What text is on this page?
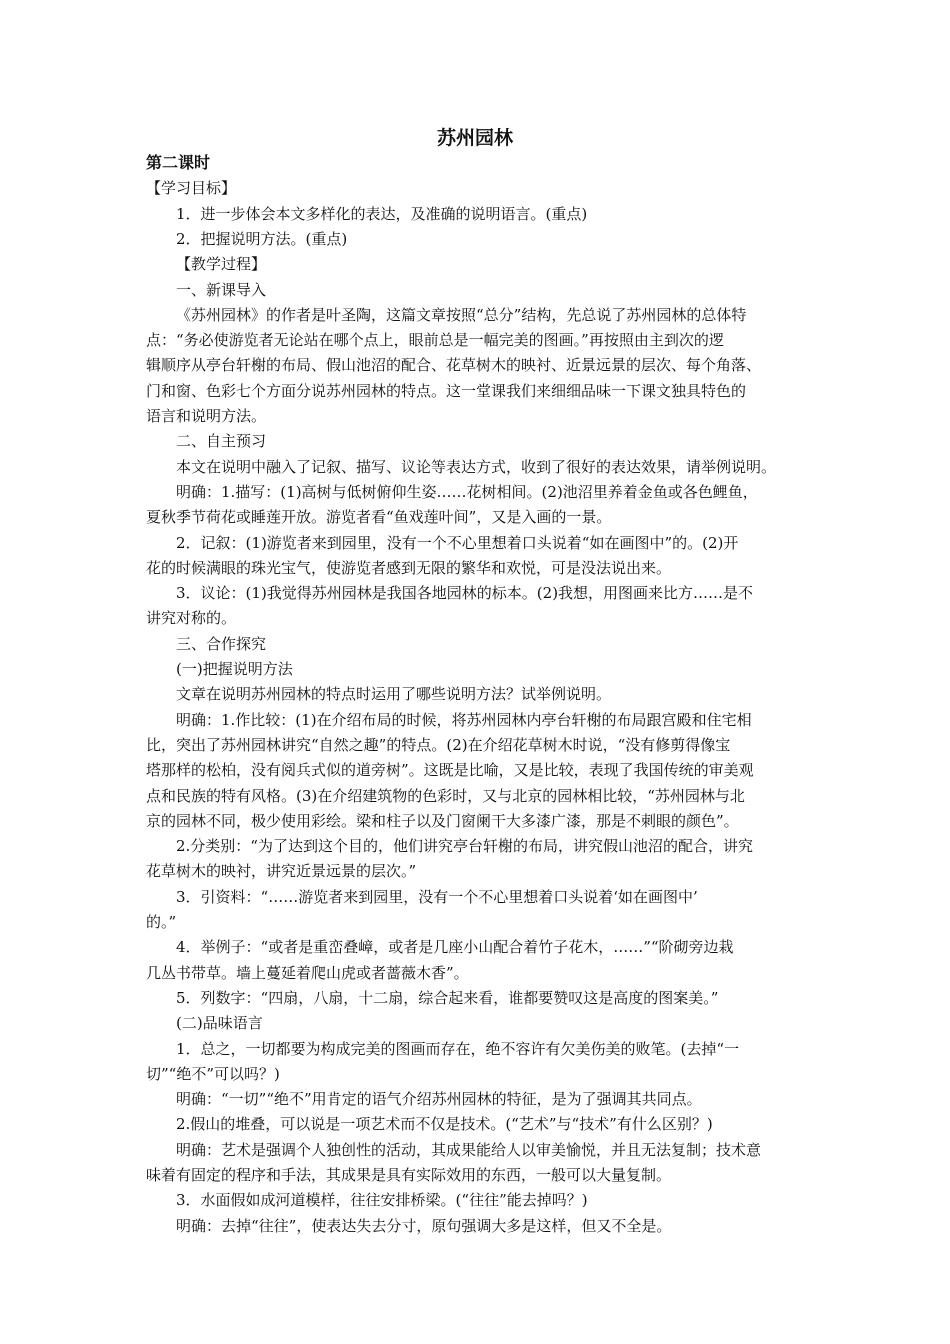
苏州园林
第二课时
【学习目标】
1．进一步体会本文多样化的表达，及准确的说明语言。(重点)
2．把握说明方法。(重点)
【教学过程】
一、新课导入
《苏州园林》的作者是叶圣陶，这篇文章按照“总分”结构，先总说了苏州园林的总体特
点：“务必使游览者无论站在哪个点上，眼前总是一幅完美的图画。”再按照由主到次的逻
辑顺序从亭台轩榭的布局、假山池沼的配合、花草树木的映衬、近景远景的层次、每个角落、
门和窗、色彩七个方面分说苏州园林的特点。这一堂课我们来细细品味一下课文独具特色的
语言和说明方法。
二、自主预习
本文在说明中融入了记叙、描写、议论等表达方式，收到了很好的表达效果，请举例说明。
明确：1.描写：(1)高树与低树俯仰生姿……花树相间。(2)池沼里养着金鱼或各色鲤鱼，
夏秋季节荷花或睡莲开放。游览者看“鱼戏莲叶间”，又是入画的一景。
2．记叙：(1)游览者来到园里，没有一个不心里想着口头说着“如在画图中”的。(2)开
花的时候满眼的珠光宝气，使游览者感到无限的繁华和欢悦，可是没法说出来。
3．议论：(1)我觉得苏州园林是我国各地园林的标本。(2)我想，用图画来比方……是不
讲究对称的。
三、合作探究
(一)把握说明方法
文章在说明苏州园林的特点时运用了哪些说明方法？试举例说明。
明确：1.作比较：(1)在介绍布局的时候，将苏州园林内亭台轩榭的布局跟宫殿和住宅相
比，突出了苏州园林讲究“自然之趣”的特点。(2)在介绍花草树木时说，“没有修剪得像宝
塔那样的松柏，没有阅兵式似的道旁树”。这既是比喻，又是比较，表现了我国传统的审美观
点和民族的特有风格。(3)在介绍建筑物的色彩时，又与北京的园林相比较，“苏州园林与北
京的园林不同，极少使用彩绘。梁和柱子以及门窗阑干大多漆广漆，那是不刺眼的颜色”。
2.分类别：“为了达到这个目的，他们讲究亭台轩榭的布局，讲究假山池沼的配合，讲究
花草树木的映衬，讲究近景远景的层次。”
3．引资料：“……游览者来到园里，没有一个不心里想着口头说着‘如在画图中’
的。”
4．举例子：“或者是重峦叠嶂，或者是几座小山配合着竹子花木，……”“阶砌旁边栽
几丛书带草。墙上蔓延着爬山虎或者蔷薇木香”。
5．列数字：“四扇，八扇，十二扇，综合起来看，谁都要赞叹这是高度的图案美。”
(二)品味语言
1．总之，一切都要为构成完美的图画而存在，绝不容许有欠美伤美的败笔。(去掉“一
切”“绝不”可以吗？)
明确：“一切”“绝不”用肯定的语气介绍苏州园林的特征，是为了强调其共同点。
2.假山的堆叠，可以说是一项艺术而不仅是技术。(“艺术”与“技术”有什么区别？)
明确：艺术是强调个人独创性的活动，其成果能给人以审美愉悦，并且无法复制；技术意
味着有固定的程序和手法，其成果是具有实际效用的东西，一般可以大量复制。
3．水面假如成河道模样，往往安排桥梁。(“往往”能去掉吗？)
明确：去掉“往往”，使表达失去分寸，原句强调大多是这样，但又不全是。
